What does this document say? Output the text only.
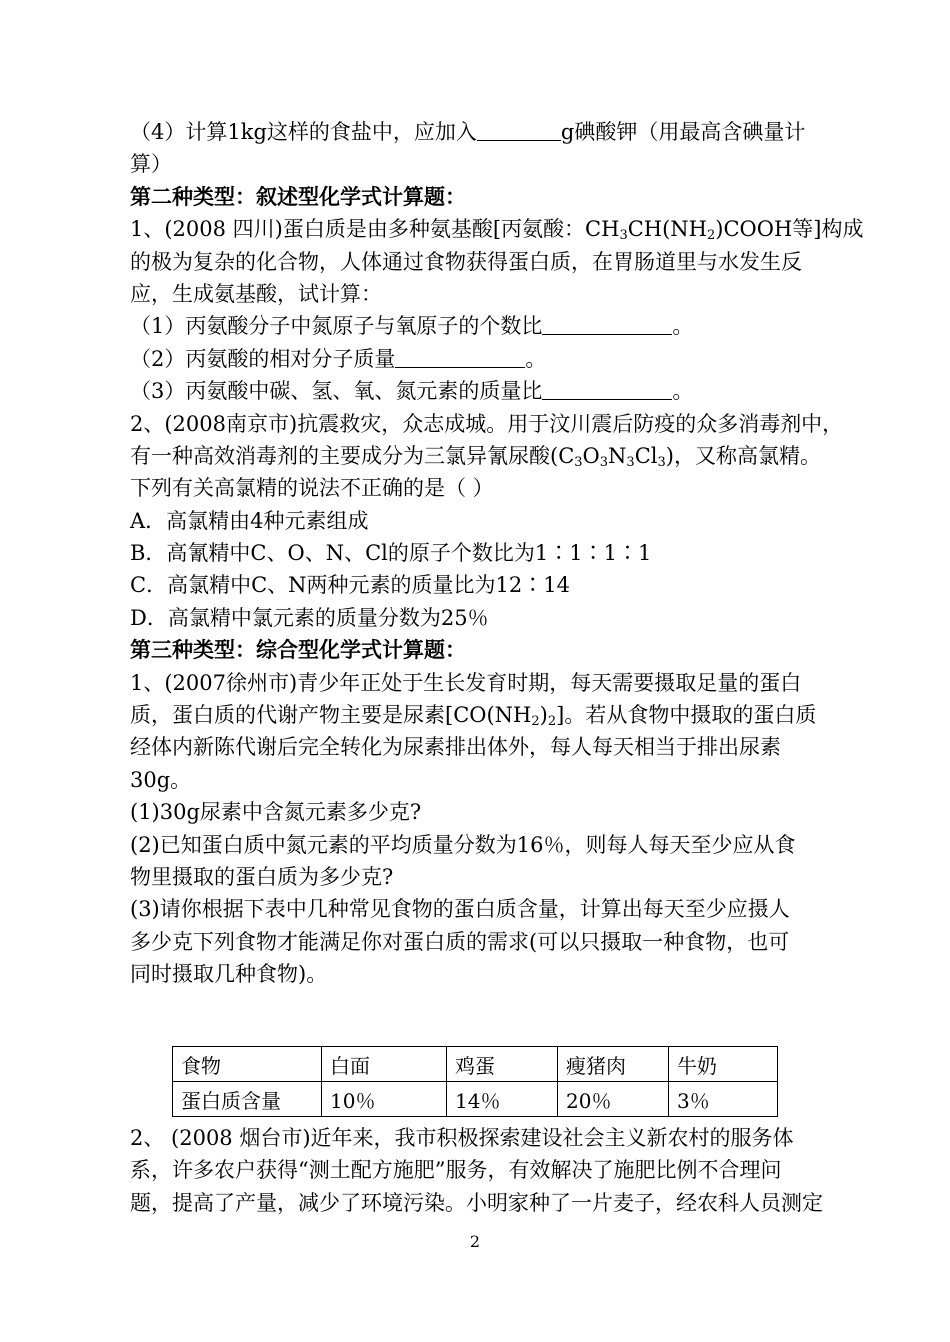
（4）计算1kg这样的食盐中，应加入	g碘酸钾（用最高含碘量计
算）
第二种类型：叙述型化学式计算题：
1、(2008 四川)蛋白质是由多种氨基酸[丙氨酸：$CH_3CH(NH_2)COOH$等]构成
的极为复杂的化合物，人体通过食物获得蛋白质，在胃肠道里与水发生反
应，生成氨基酸，试计算：
（1）丙氨酸分子中氮原子与氧原子的个数比	。
（2）丙氨酸的相对分子质量	。
（3）丙氨酸中碳、氢、氧、氮元素的质量比	。
2、(2008南京市)抗震救灾，众志成城。用于汶川震后防疫的众多消毒剂中，
有一种高效消毒剂的主要成分为三氯异氰尿酸$(C_3O_3N_3Cl_3)$，又称高氯精。
下列有关高氯精的说法不正确的是（ ）
A．高氯精由4种元素组成
B．高氰精中C、O、N、Cl的原子个数比为1∶1∶1∶1
C．高氯精中C、N两种元素的质量比为12∶14
D．高氯精中氯元素的质量分数为25％
第三种类型：综合型化学式计算题：
1、(2007徐州市)青少年正处于生长发育时期，每天需要摄取足量的蛋白
质，蛋白质的代谢产物主要是尿素$[CO(NH_2)_2]$。若从食物中摄取的蛋白质
经体内新陈代谢后完全转化为尿素排出体外，每人每天相当于排出尿素
30g。
(1)30g尿素中含氮元素多少克?
(2)已知蛋白质中氮元素的平均质量分数为16％，则每人每天至少应从食
物里摄取的蛋白质为多少克?
(3)请你根据下表中几种常见食物的蛋白质含量，计算出每天至少应摄人
多少克下列食物才能满足你对蛋白质的需求(可以只摄取一种食物，也可
同时摄取几种食物)。
食物	白面	鸡蛋	瘦猪肉	牛奶
蛋白质含量	10％	14％	20％	3％
2、 (2008 烟台市)近年来，我市积极探索建设社会主义新农村的服务体
系，许多农户获得“测土配方施肥”服务，有效解决了施肥比例不合理问
题，提高了产量，减少了环境污染。小明家种了一片麦子，经农科人员测定
2
